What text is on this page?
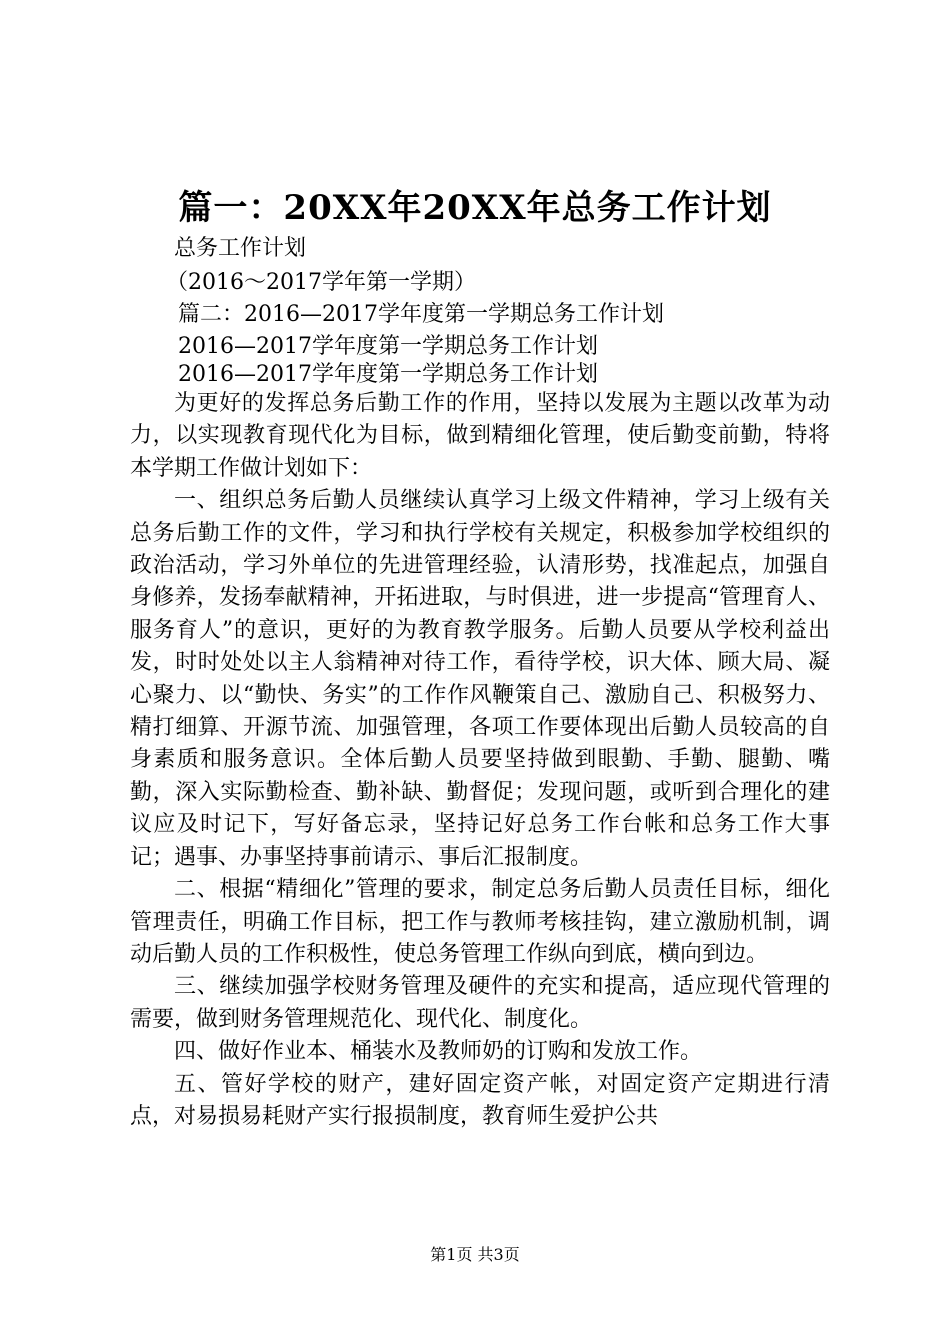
篇一：20XX年20XX年总务工作计划
总务工作计划
（2016～2017学年第一学期）
篇二：2016—2017学年度第一学期总务工作计划
2016—2017学年度第一学期总务工作计划
2016—2017学年度第一学期总务工作计划

为更好的发挥总务后勤工作的作用，坚持以发展为主题以改革为动力，以实现教育现代化为目标，做到精细化管理，使后勤变前勤，特将本学期工作做计划如下：

一、组织总务后勤人员继续认真学习上级文件精神，学习上级有关总务后勤工作的文件，学习和执行学校有关规定，积极参加学校组织的政治活动，学习外单位的先进管理经验，认清形势，找准起点，加强自身修养，发扬奉献精神，开拓进取，与时俱进，进一步提高“管理育人、服务育人”的意识，更好的为教育教学服务。后勤人员要从学校利益出发，时时处处以主人翁精神对待工作，看待学校，识大体、顾大局、凝心聚力、以“勤快、务实”的工作作风鞭策自己、激励自己、积极努力、精打细算、开源节流、加强管理，各项工作要体现出后勤人员较高的自身素质和服务意识。全体后勤人员要坚持做到眼勤、手勤、腿勤、嘴勤，深入实际勤检查、勤补缺、勤督促；发现问题，或听到合理化的建议应及时记下，写好备忘录，坚持记好总务工作台帐和总务工作大事记；遇事、办事坚持事前请示、事后汇报制度。

二、根据“精细化”管理的要求，制定总务后勤人员责任目标，细化管理责任，明确工作目标，把工作与教师考核挂钩，建立激励机制，调动后勤人员的工作积极性，使总务管理工作纵向到底，横向到边。

三、继续加强学校财务管理及硬件的充实和提高，适应现代管理的需要，做到财务管理规范化、现代化、制度化。

四、做好作业本、桶装水及教师奶的订购和发放工作。

五、管好学校的财产，建好固定资产帐，对固定资产定期进行清点，对易损易耗财产实行报损制度，教育师生爱护公共

第1页 共3页
